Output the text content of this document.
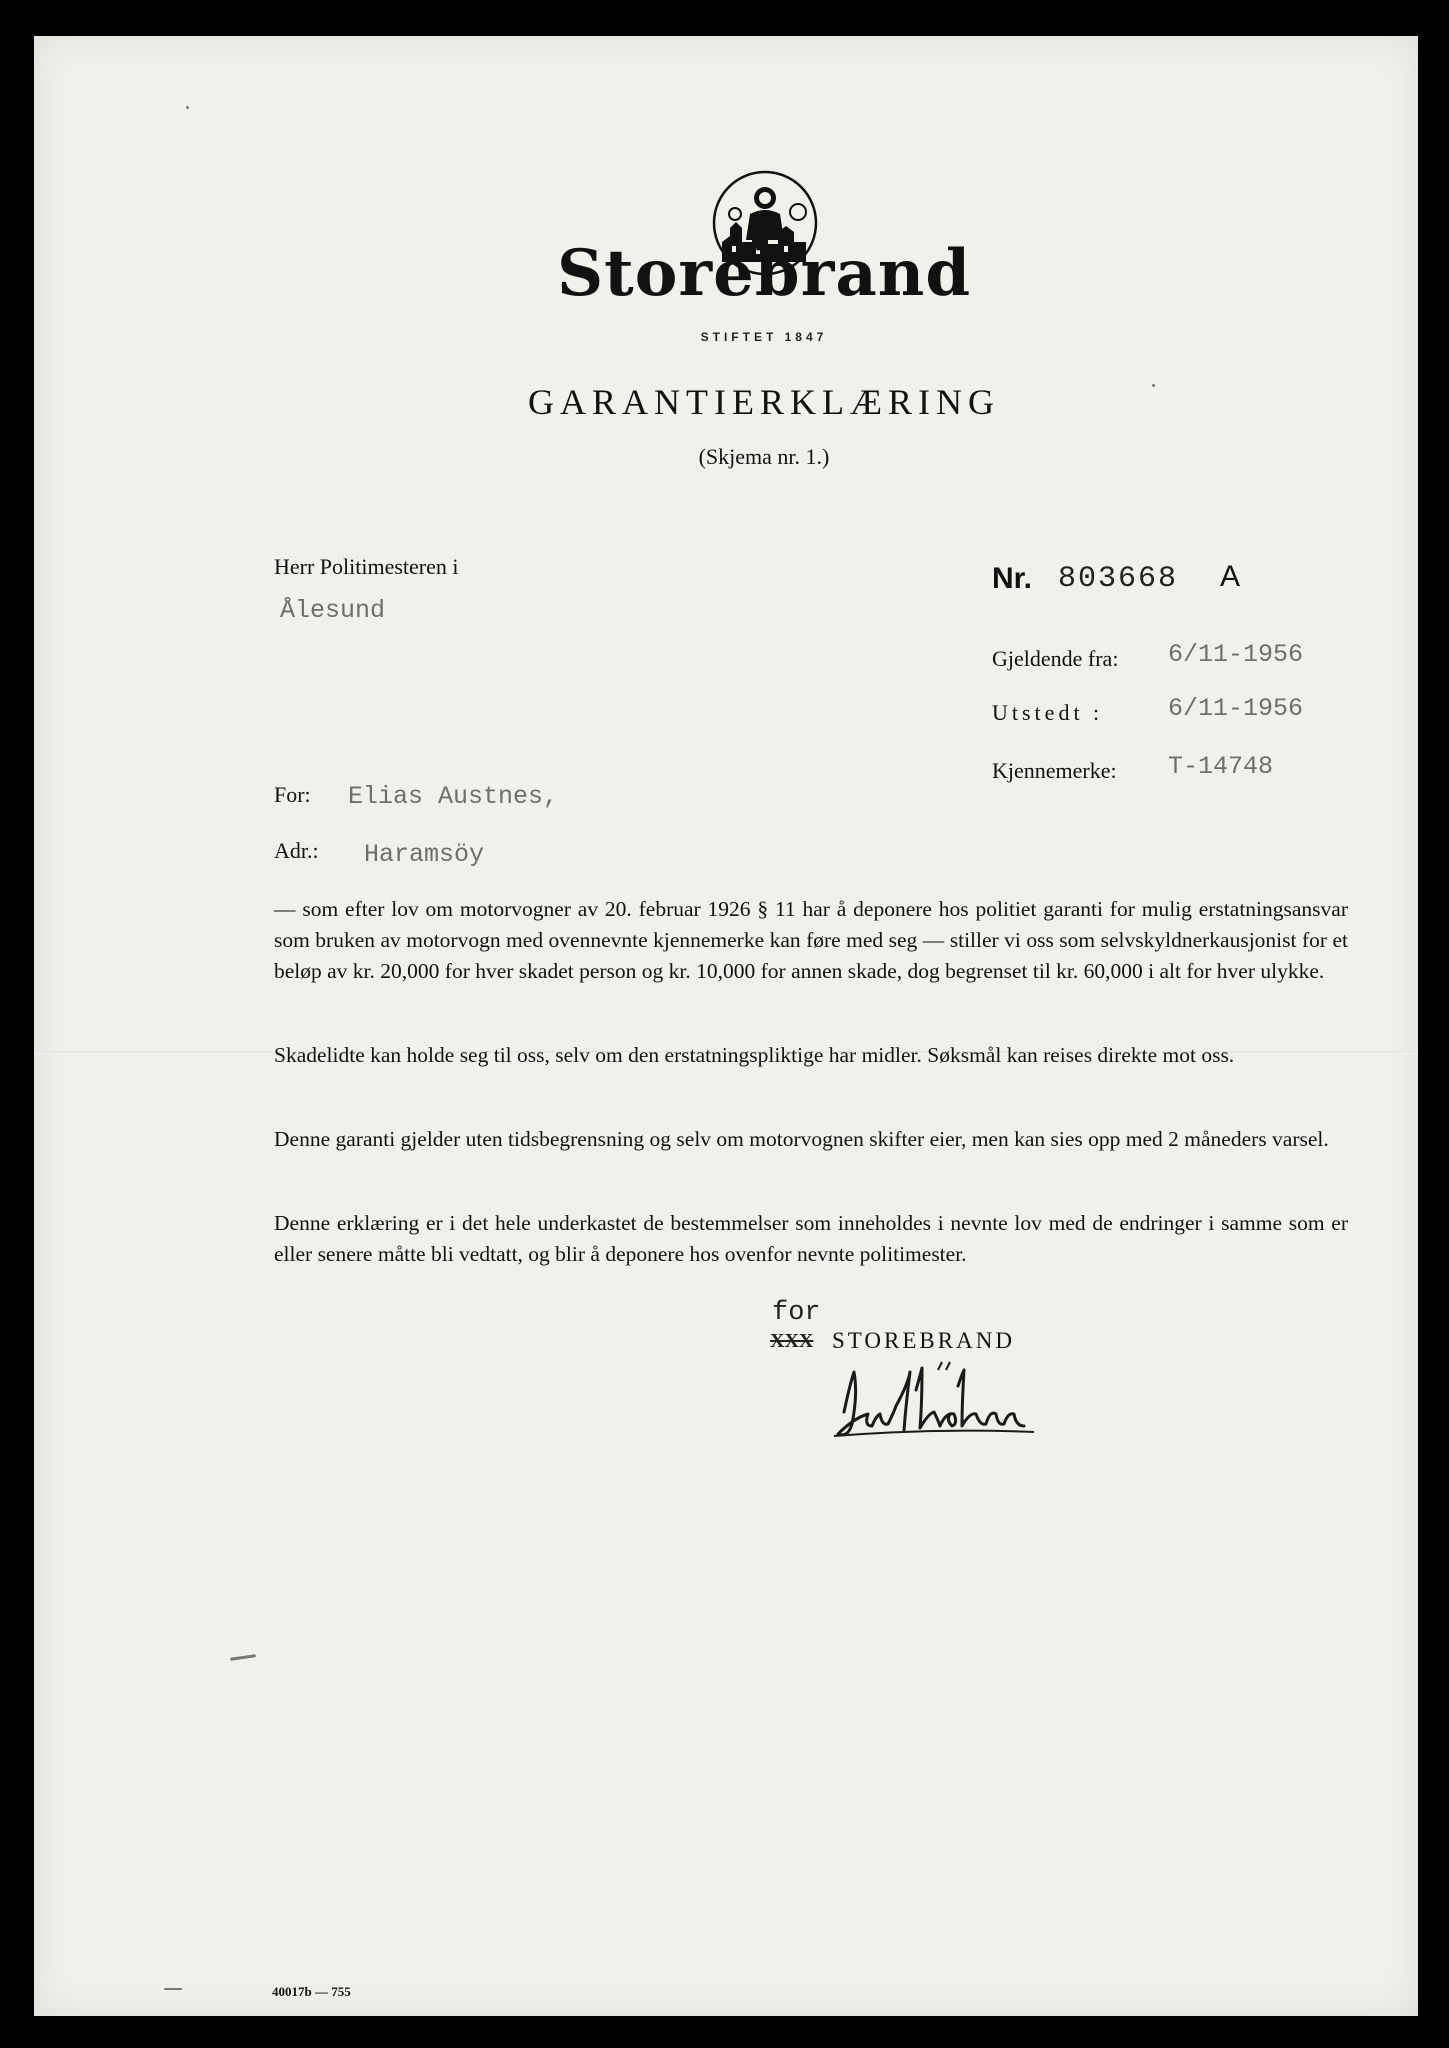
Storebrand
STIFTET 1847
GARANTIERKLÆRING
(Skjema nr. 1.)
Herr Politimesteren i
Ålesund
Nr. 803668 A
Gjeldende fra: 6/11-1956
Utstedt :	6/11-1956
Kjennemerke: T-14748
For: Elias Austnes,
Adr.: Haramsöy
— som efter lov om motorvogner av 20. februar 1926 § 11 har å deponere hos politiet garanti for mulig erstatningsansvar som bruken av motorvogn med ovennevnte kjennemerke kan føre med seg — stiller vi oss som selvskyldnerkausjonist for et beløp av kr. 20,000 for hver skadet person og kr. 10,000 for annen skade, dog begrenset til kr. 60,000 i alt for hver ulykke.
Skadelidte kan holde seg til oss, selv om den erstatningspliktige har midler. Søksmål kan reises direkte mot oss.
Denne garanti gjelder uten tidsbegrensning og selv om motorvognen skifter eier, men kan sies opp med 2 måneders varsel.
Denne erklæring er i det hele underkastet de bestemmelser som inneholdes i nevnte lov med de endringer i samme som er eller senere måtte bli vedtatt, og blir å deponere hos ovenfor nevnte politimester.
for
XXX STOREBRAND
40017b — 755
